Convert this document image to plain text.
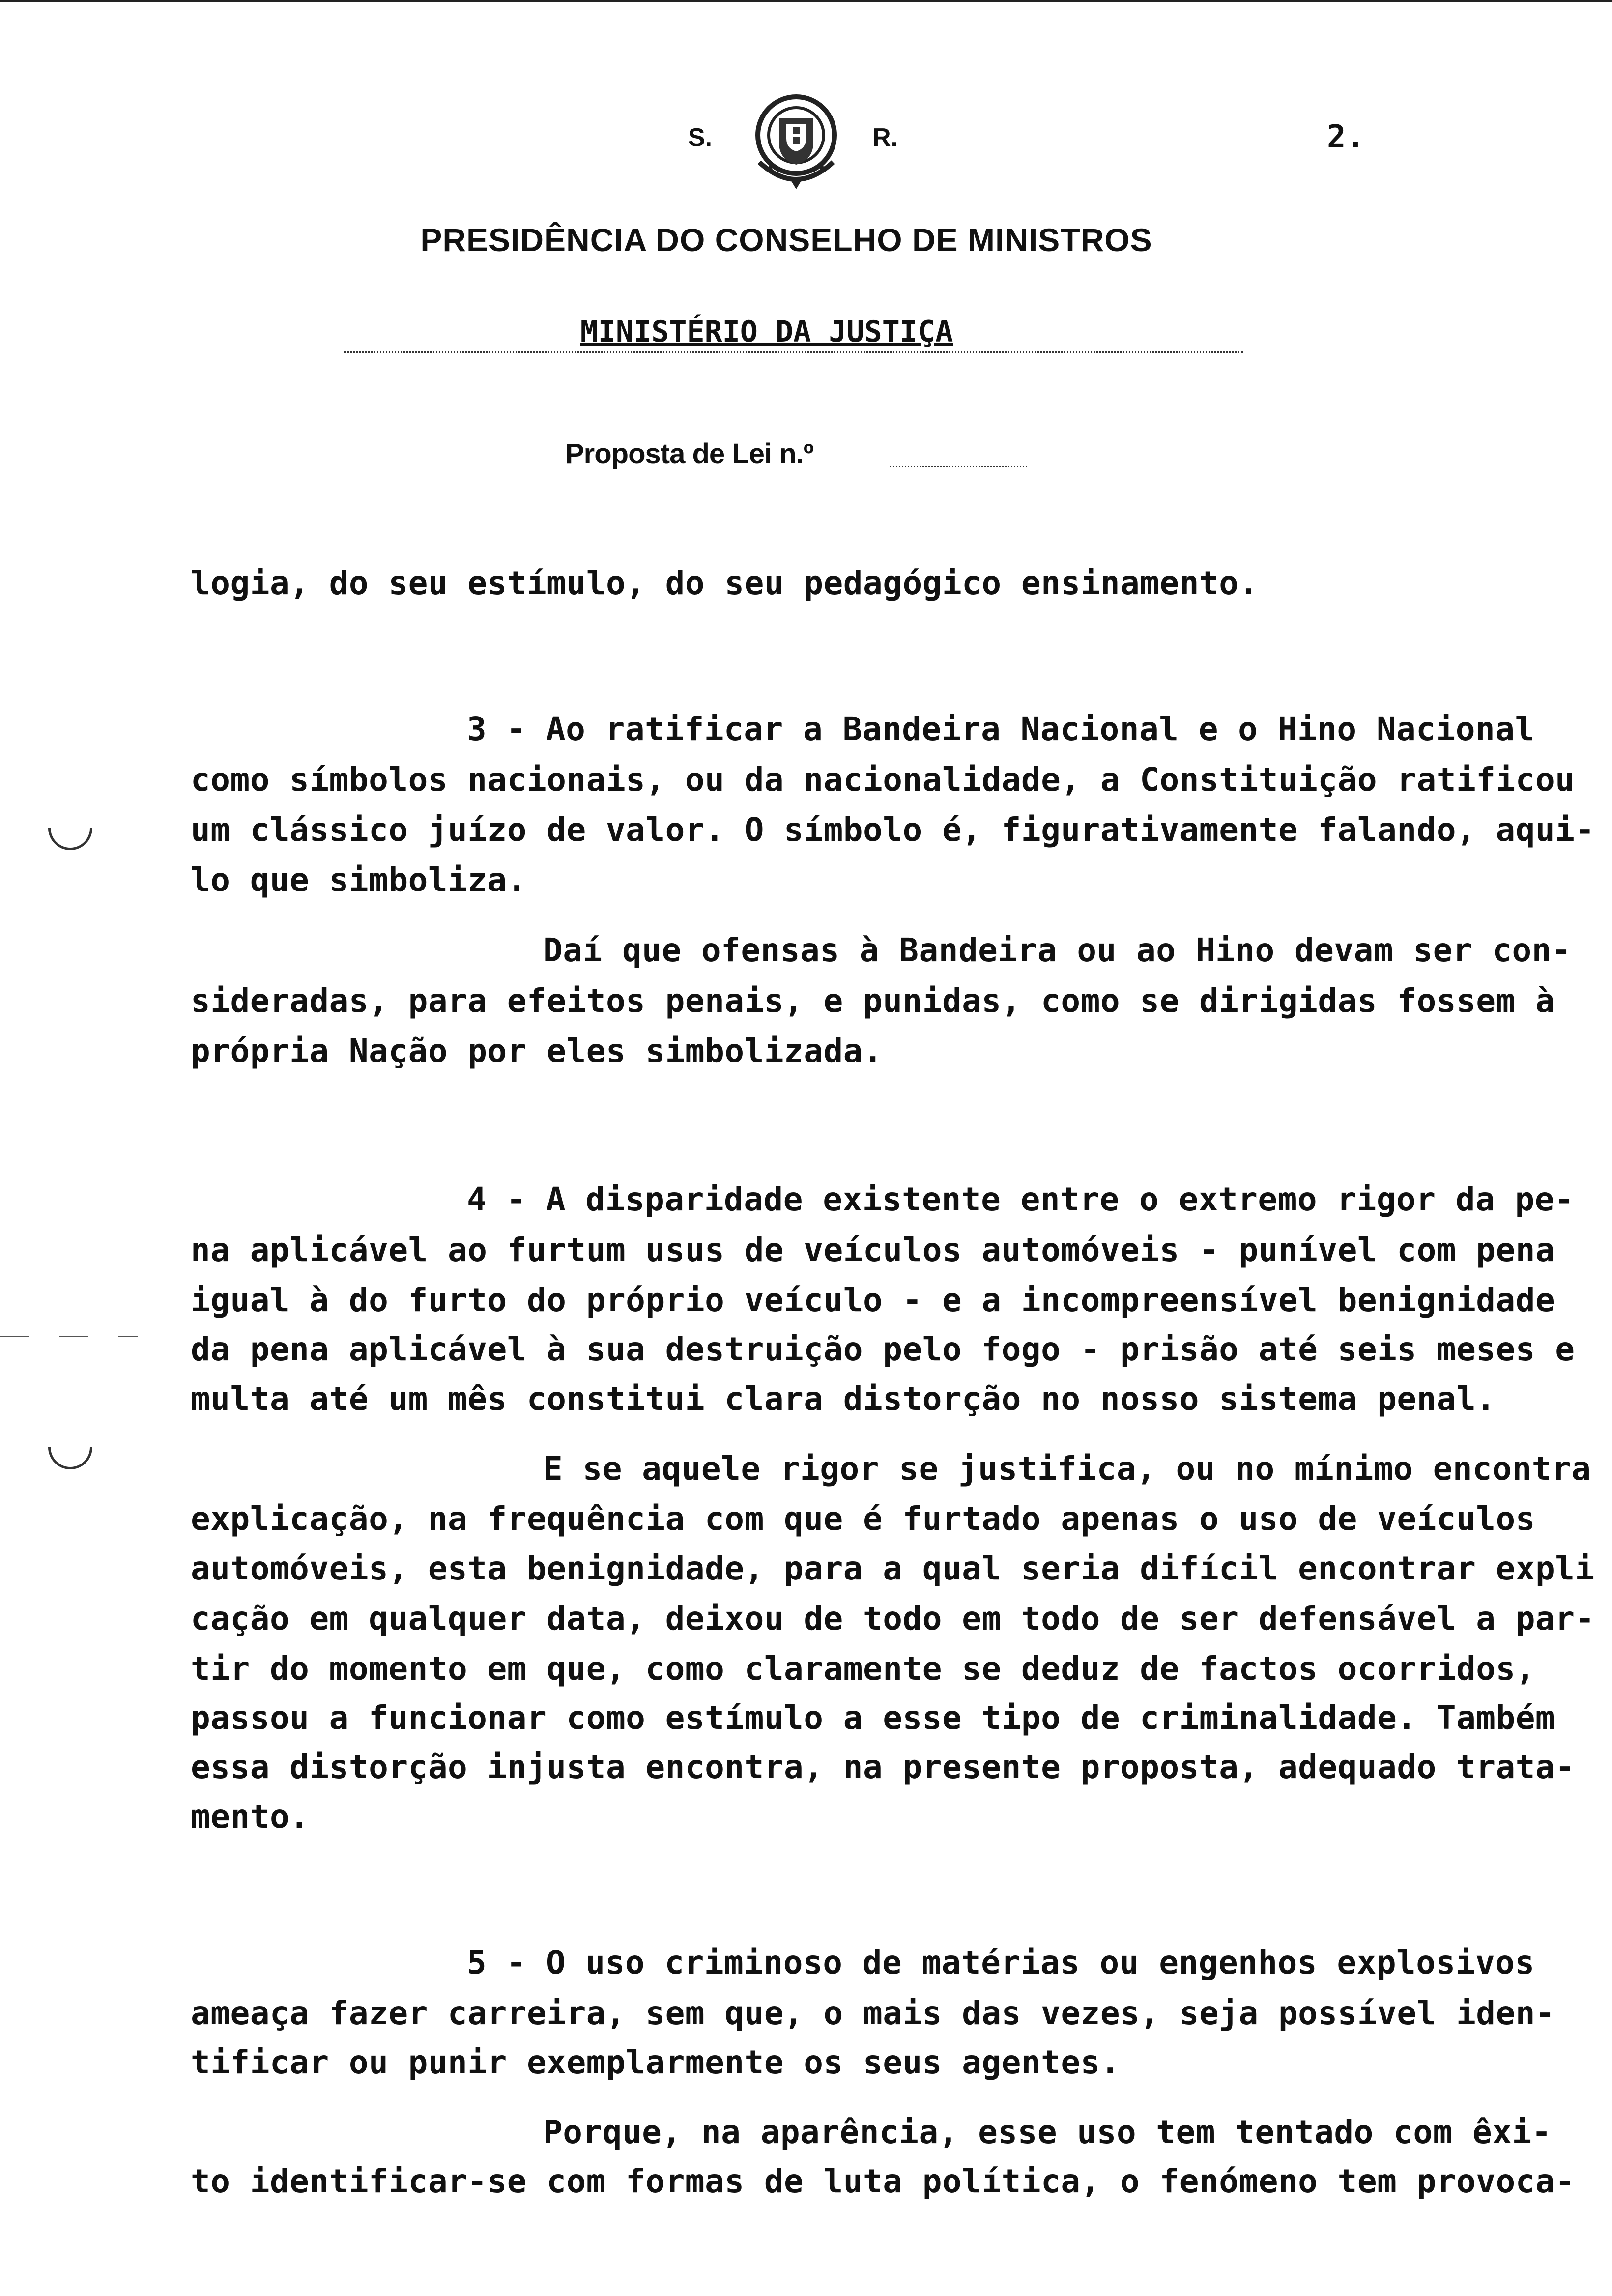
S.	R.	2.
PRESIDÊNCIA DO CONSELHO DE MINISTROS
MINISTÉRIO DA JUSTIÇA
Proposta de Lei n.º
logia, do seu estímulo, do seu pedagógico ensinamento.
3 - Ao ratificar a Bandeira Nacional e o Hino Nacional
como símbolos nacionais, ou da nacionalidade, a Constituição ratificou
um clássico juízo de valor. O símbolo é, figurativamente falando, aqui-
lo que simboliza.
Daí que ofensas à Bandeira ou ao Hino devam ser con-
sideradas, para efeitos penais, e punidas, como se dirigidas fossem à
própria Nação por eles simbolizada.
4 - A disparidade existente entre o extremo rigor da pe-
na aplicável ao furtum usus de veículos automóveis - punível com pena
igual à do furto do próprio veículo - e a incompreensível benignidade
da pena aplicável à sua destruição pelo fogo - prisão até seis meses e
multa até um mês constitui clara distorção no nosso sistema penal.
E se aquele rigor se justifica, ou no mínimo encontra
explicação, na frequência com que é furtado apenas o uso de veículos
automóveis, esta benignidade, para a qual seria difícil encontrar expli
cação em qualquer data, deixou de todo em todo de ser defensável a par-
tir do momento em que, como claramente se deduz de factos ocorridos,
passou a funcionar como estímulo a esse tipo de criminalidade. Também
essa distorção injusta encontra, na presente proposta, adequado trata-
mento.
5 - O uso criminoso de matérias ou engenhos explosivos
ameaça fazer carreira, sem que, o mais das vezes, seja possível iden-
tificar ou punir exemplarmente os seus agentes.
Porque, na aparência, esse uso tem tentado com êxi-
to identificar-se com formas de luta política, o fenómeno tem provoca-
